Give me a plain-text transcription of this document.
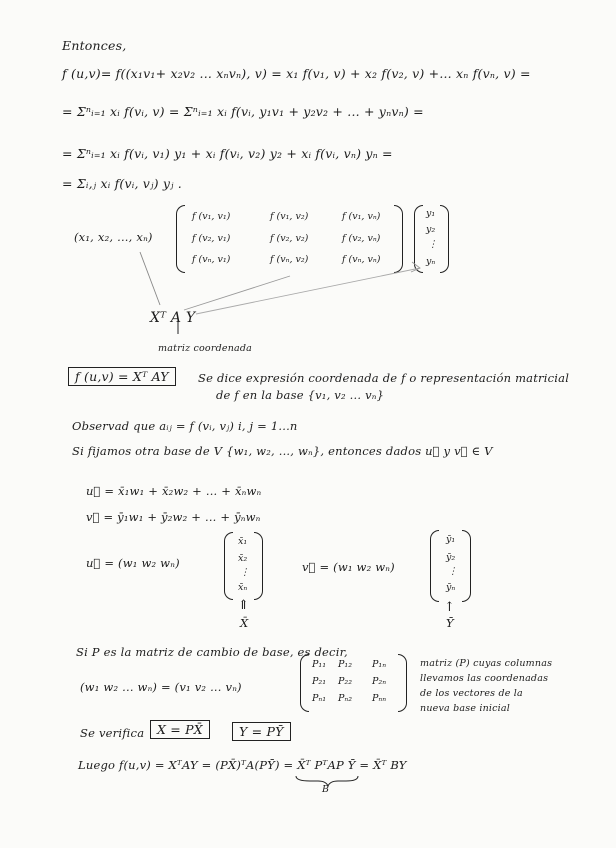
Entonces,
f (u,v)= f((x₁v₁+ x₂v₂ ... xₙvₙ), v) = x₁ f(v₁, v) + x₂ f(v₂, v) +... xₙ f(vₙ, v) =
= Σⁿᵢ₌₁ xᵢ f(vᵢ, v) = Σⁿᵢ₌₁ xᵢ f(vᵢ, y₁v₁ + y₂v₂ + ... + yₙvₙ) =
= Σⁿᵢ₌₁ xᵢ f(vᵢ, v₁) y₁ + xᵢ f(vᵢ, v₂) y₂ + xᵢ f(vᵢ, vₙ) yₙ =
= Σᵢ,ⱼ xᵢ f(vᵢ, vⱼ) yⱼ .
(x₁, x₂, ..., xₙ)
f (v₁, v₁)	f (v₁, v₂)	f (v₁, vₙ)
f (v₂, v₁)	f (v₂, v₂)	f (v₂, vₙ)
f (vₙ, v₁)	f (vₙ, v₂)	f (vₙ, vₙ)
y₁
y₂
⋮
yₙ
Xᵀ A Y
matriz coordenada
f (u,v) = Xᵀ AY	Se dice expresión coordenada de f o representación matricial
de f en la base {v₁, v₂ ... vₙ}
Observad que aᵢⱼ = f (vᵢ, vⱼ) i, j = 1...n
Si fijamos otra base de V {w₁, w₂, ..., wₙ}, entonces dados u⃗ y v⃗ ∈ V
u⃗ = x̄₁w₁ + x̄₂w₂ + ... + x̄ₙwₙ
v⃗ = ȳ₁w₁ + ȳ₂w₂ + ... + ȳₙwₙ
u⃗ = (w₁ w₂ wₙ)
x̄₁
x̄₂
⋮
x̄ₙ
⇑
X̄
v⃗ = (w₁ w₂ wₙ)
ȳ₁
ȳ₂
⋮
ȳₙ
↑
Ȳ
Si P es la matriz de cambio de base, es decir,
(w₁ w₂ ... wₙ) = (v₁ v₂ ... vₙ)
P₁₁ P₁₂ P₁ₙ
P₂₁ P₂₂ P₂ₙ
Pₙ₁ Pₙ₂ Pₙₙ
matriz (P) cuyas columnas
llevamos las coordenadas
de los vectores de la
nueva base inicial
Se verifica	X = PX̄	Y = PȲ
Luego f(u,v) = XᵀAY = (PX̄)ᵀA(PȲ) = X̄ᵀ PᵀAP Ȳ = X̄ᵀ BY
B
